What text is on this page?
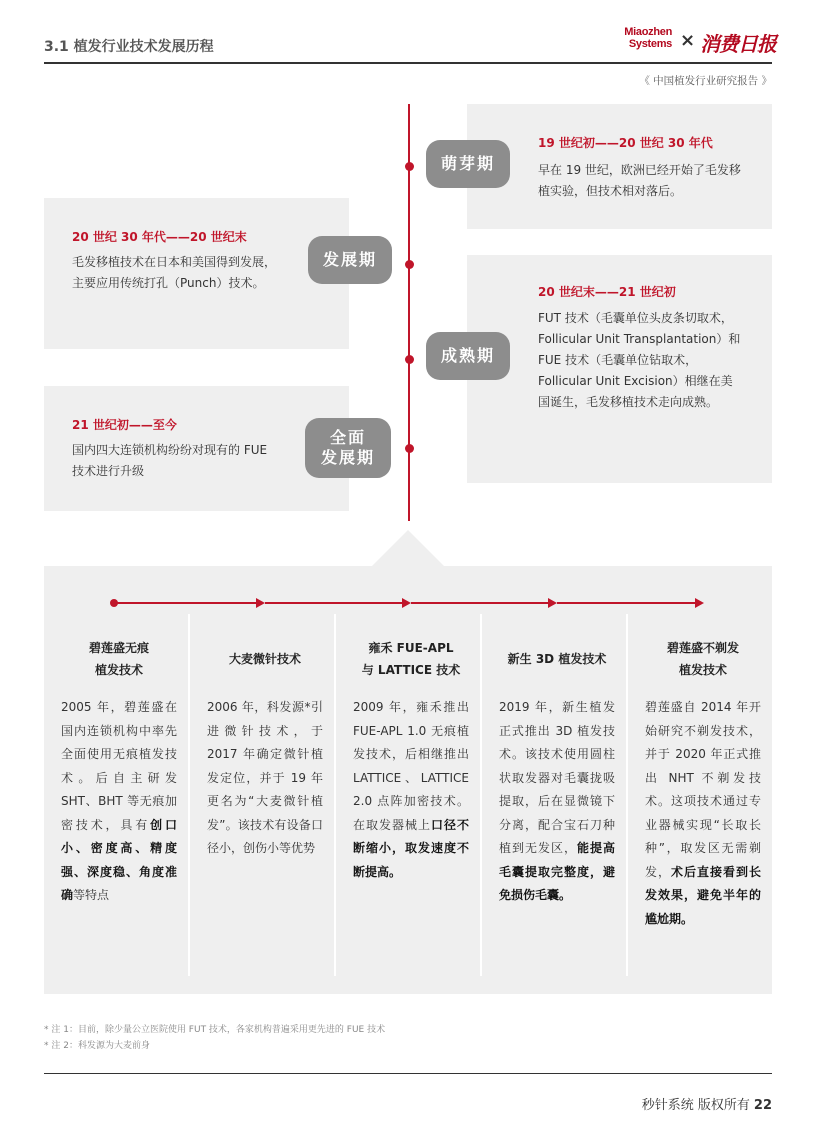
3.1 植发行业技术发展历程
Miaozhen
Systems × 消费日报
《 中国植发行业研究报告 》
19 世纪初——20 世纪 30 年代
早在 19 世纪，欧洲已经开始了毛发移植实验，但技术相对落后。
萌芽期
20 世纪 30 年代——20 世纪末
毛发移植技术在日本和美国得到发展，主要应用传统打孔（Punch）技术。
发展期
20 世纪末——21 世纪初
FUT 技术（毛囊单位头皮条切取术，Follicular Unit Transplantation）和 FUE 技术（毛囊单位钻取术，Follicular Unit Excision）相继在美国诞生，毛发移植技术走向成熟。
成熟期
21 世纪初——至今
国内四大连锁机构纷纷对现有的 FUE 技术进行升级
全面
发展期
碧莲盛无痕
植发技术
2005 年，碧莲盛在国内连锁机构中率先全面使用无痕植发技术。后自主研发 SHT、BHT 等无痕加密技术，具有创口小、密度高、精度强、深度稳、角度准确等特点
大麦微针技术
2006 年，科发源*引进微针技术，于 2017 年确定微针植发定位，并于 19 年更名为“大麦微针植发”。该技术有设备口径小，创伤小等优势
雍禾 FUE-APL
与 LATTICE 技术
2009 年，雍禾推出 FUE-APL 1.0 无痕植发技术，后相继推出 LATTICE、LATTICE 2.0 点阵加密技术。在取发器械上口径不断缩小，取发速度不断提高。
新生 3D 植发技术
2019 年，新生植发正式推出 3D 植发技术。该技术使用圆柱状取发器对毛囊拢吸提取，后在显微镜下分离，配合宝石刀种植到无发区，能提高毛囊提取完整度，避免损伤毛囊。
碧莲盛不剃发
植发技术
碧莲盛自 2014 年开始研究不剃发技术，并于 2020 年正式推出 NHT 不剃发技术。这项技术通过专业器械实现“长取长种”，取发区无需剃发，术后直接看到长发效果，避免半年的尴尬期。
* 注 1：目前，除少量公立医院使用 FUT 技术，各家机构普遍采用更先进的 FUE 技术
* 注 2：科发源为大麦前身
秒针系统 版权所有 22
